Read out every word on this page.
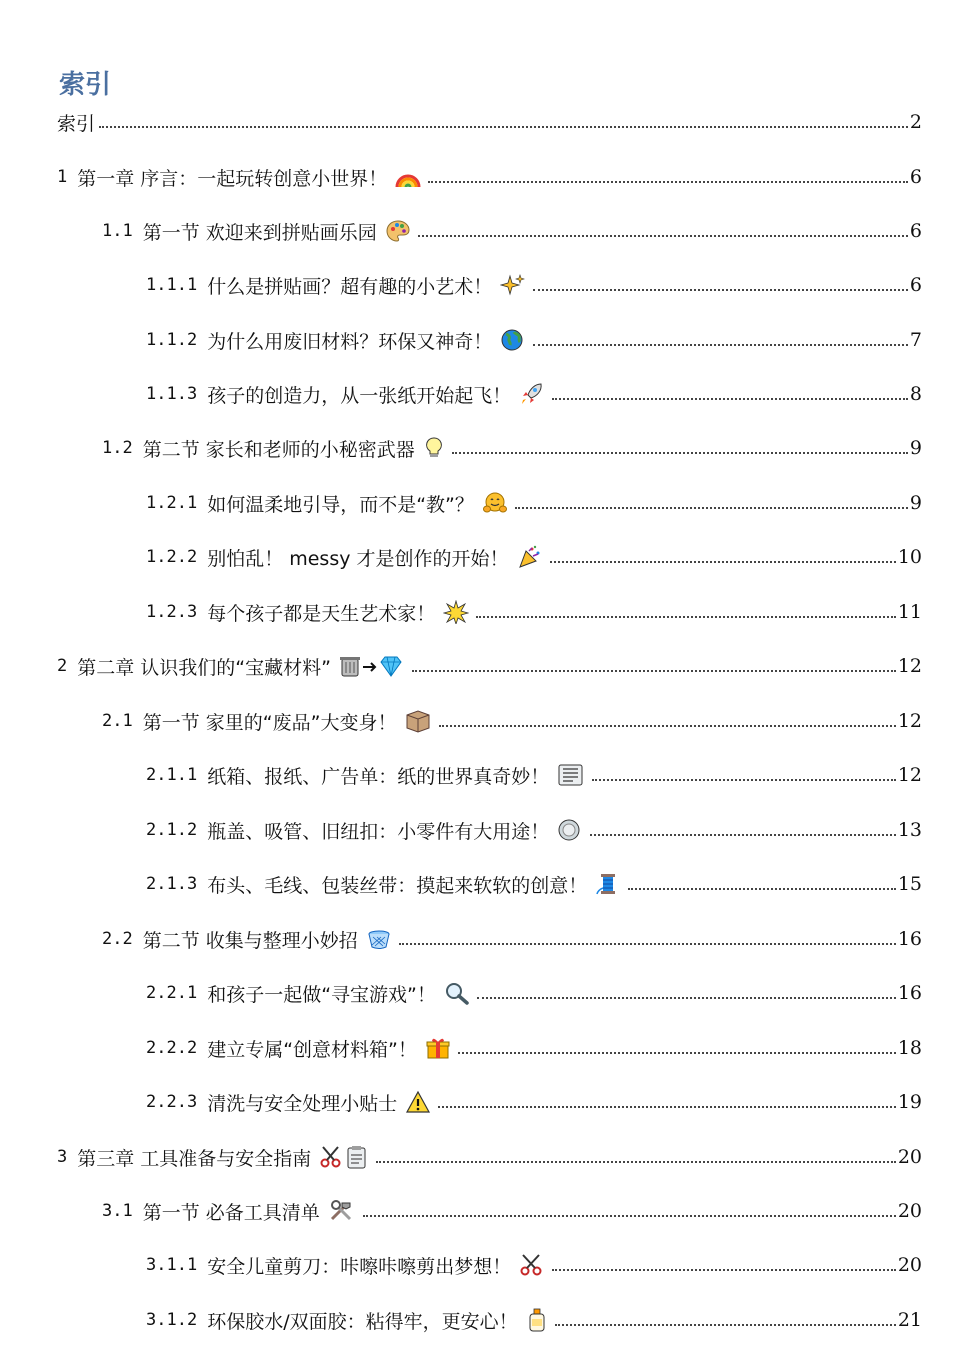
索引
索引	2
1 第一章 序言：一起玩转创意小世界！	6
1.1 第一节 欢迎来到拼贴画乐园	6
1.1.1 什么是拼贴画？超有趣的小艺术！	6
1.1.2 为什么用废旧材料？环保又神奇！	7
1.1.3 孩子的创造力，从一张纸开始起飞！	8
1.2 第二节 家长和老师的小秘密武器	9
1.2.1 如何温柔地引导，而不是“教”？	9
1.2.2 别怕乱！ messy 才是创作的开始！	10
1.2.3 每个孩子都是天生艺术家！	11
2 第二章 认识我们的“宝藏材料”	12
2.1 第一节 家里的“废品”大变身！	12
2.1.1 纸箱、报纸、广告单：纸的世界真奇妙！	12
2.1.2 瓶盖、吸管、旧纽扣：小零件有大用途！	13
2.1.3 布头、毛线、包装丝带：摸起来软软的创意！	15
2.2 第二节 收集与整理小妙招	16
2.2.1 和孩子一起做“寻宝游戏”！	16
2.2.2 建立专属“创意材料箱”！	18
2.2.3 清洗与安全处理小贴士	19
3 第三章 工具准备与安全指南	20
3.1 第一节 必备工具清单	20
3.1.1 安全儿童剪刀：咔嚓咔嚓剪出梦想！	20
3.1.2 环保胶水/双面胶：粘得牢，更安心！	21
